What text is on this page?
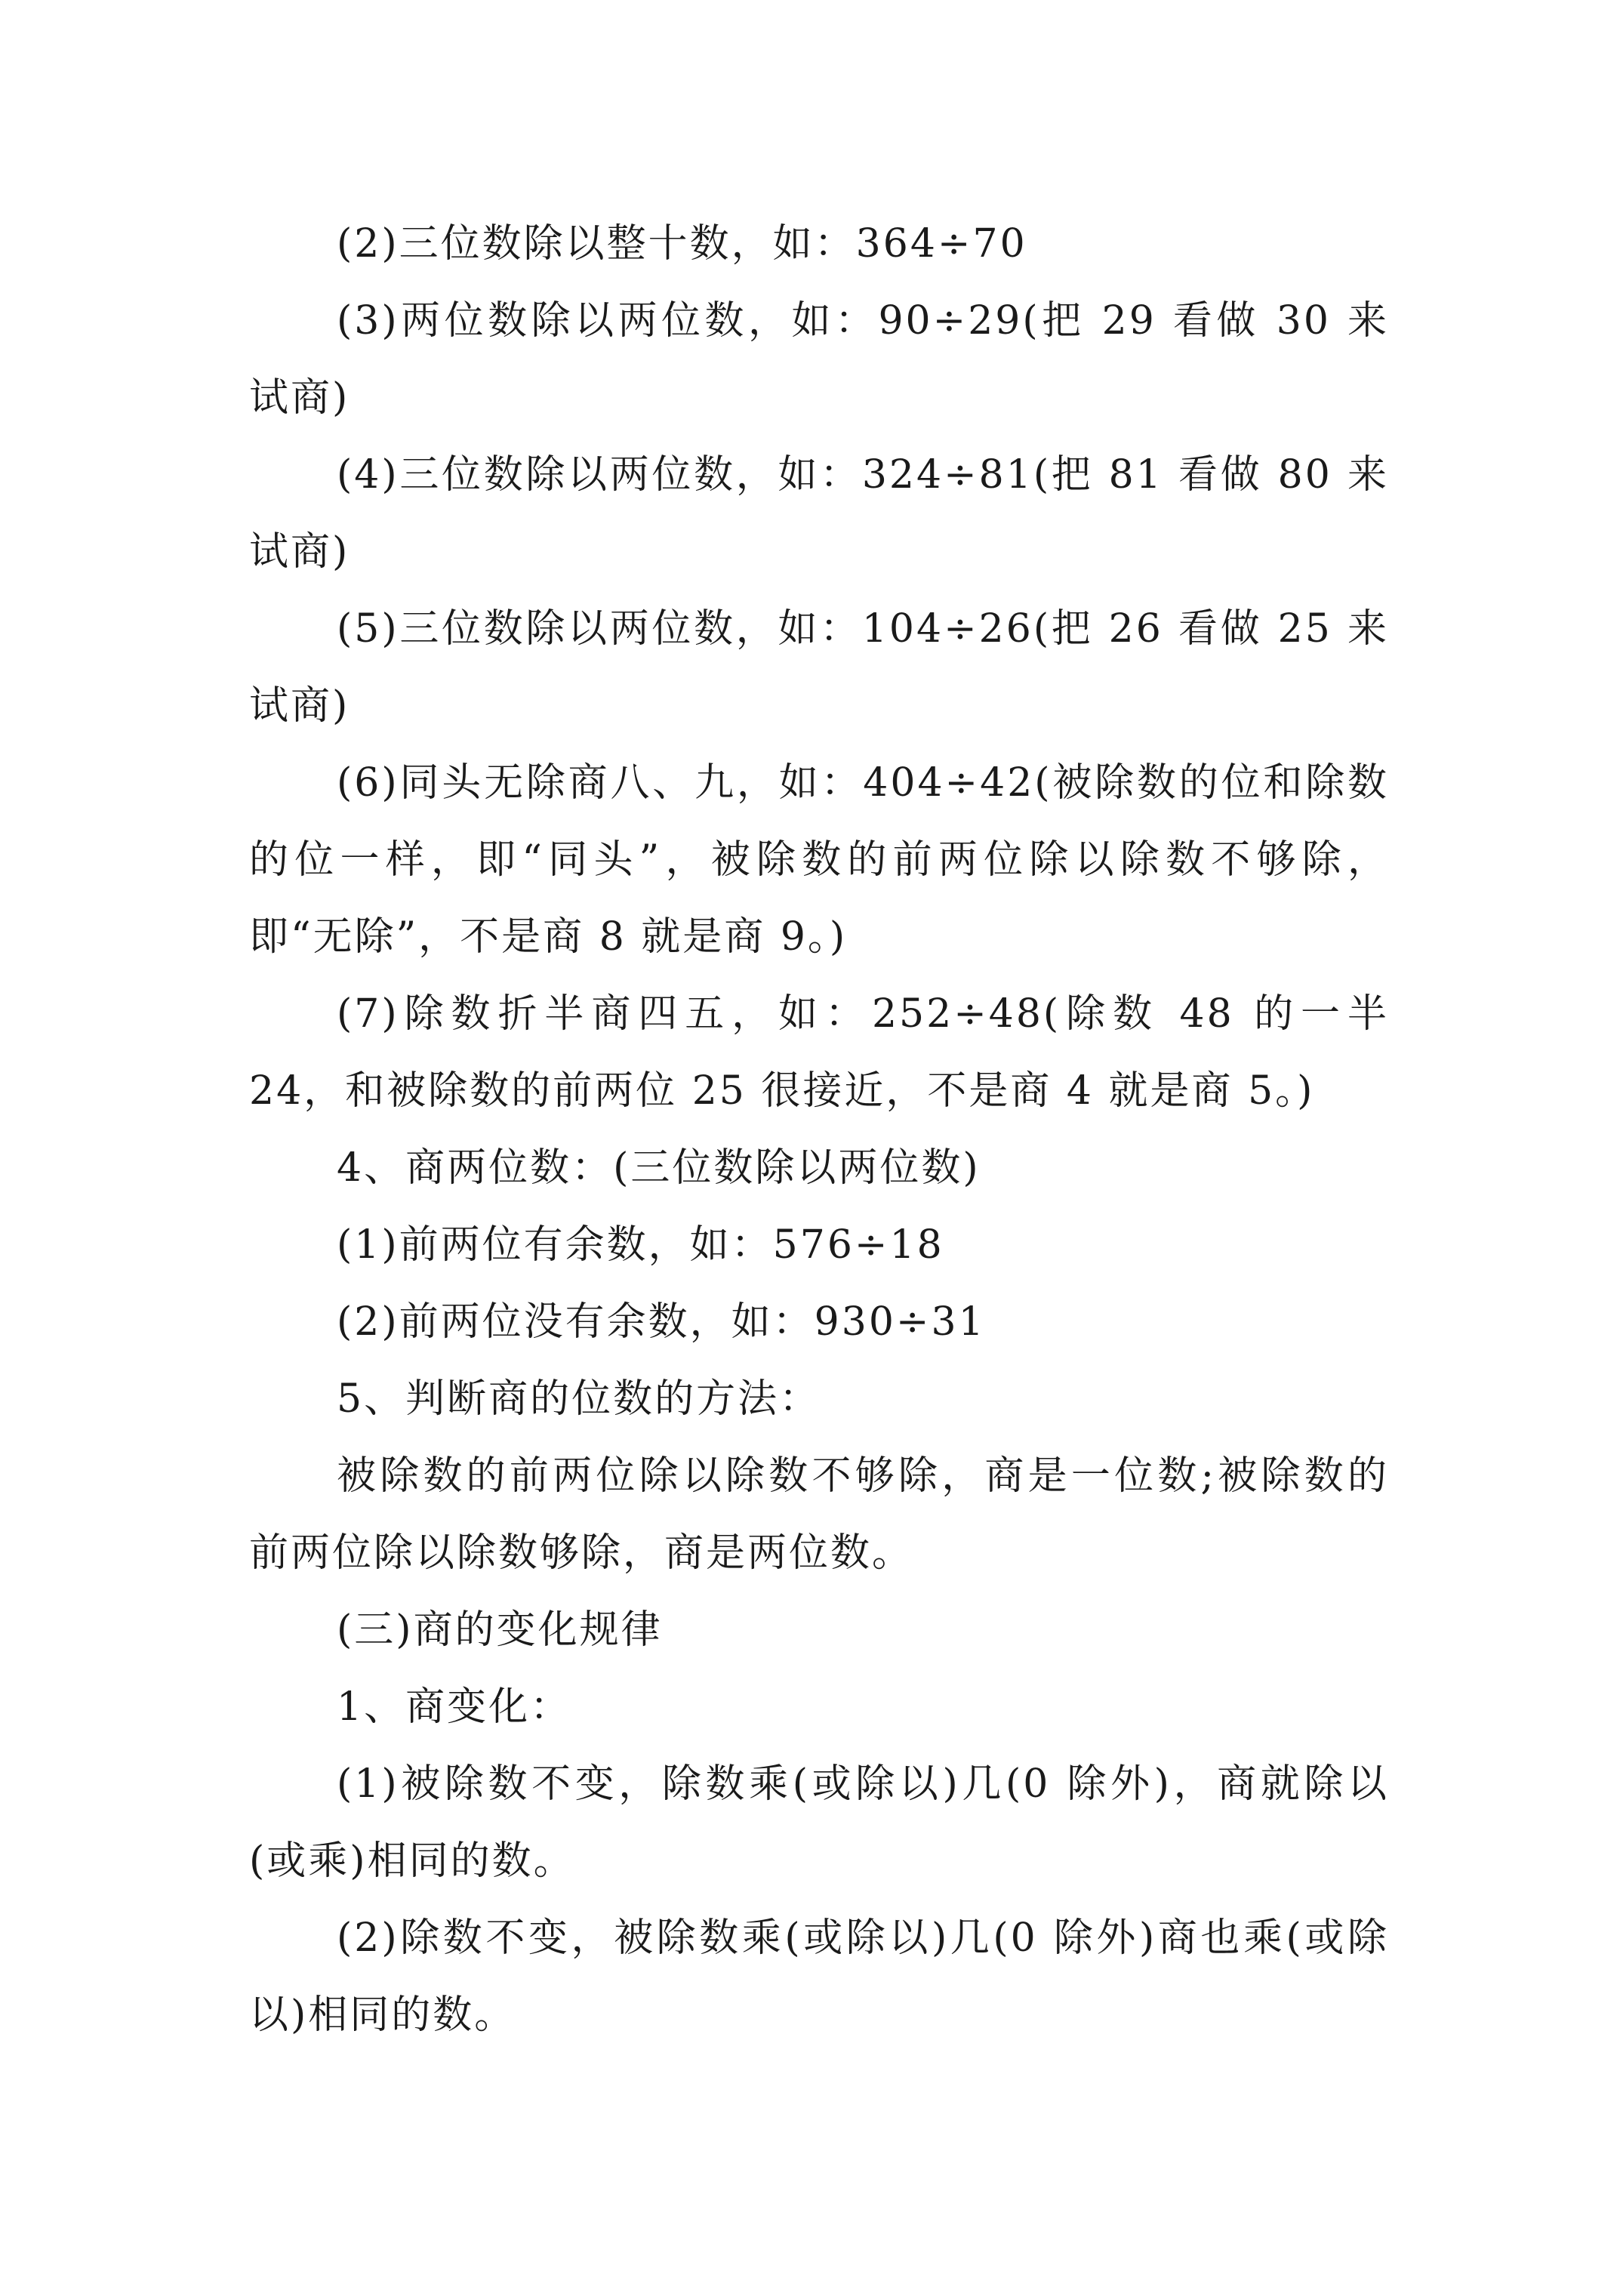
(2)三位数除以整十数，如：364÷70

(3)两位数除以两位数，如：90÷29(把 29 看做 30 来试商)

(4)三位数除以两位数，如：324÷81(把 81 看做 80 来试商)

(5)三位数除以两位数，如：104÷26(把 26 看做 25 来试商)

(6)同头无除商八、九，如：404÷42(被除数的位和除数的位一样，即“同头”，被除数的前两位除以除数不够除，即“无除”，不是商 8 就是商 9。)

(7)除数折半商四五，如：252÷48(除数 48 的一半 24，和被除数的前两位 25 很接近，不是商 4 就是商 5。)

4、商两位数：(三位数除以两位数)

(1)前两位有余数，如：576÷18

(2)前两位没有余数，如：930÷31

5、判断商的位数的方法：

被除数的前两位除以除数不够除，商是一位数;被除数的前两位除以除数够除，商是两位数。

(三)商的变化规律

1、商变化：

(1)被除数不变，除数乘(或除以)几(0 除外)，商就除以(或乘)相同的数。

(2)除数不变，被除数乘(或除以)几(0 除外)商也乘(或除以)相同的数。
